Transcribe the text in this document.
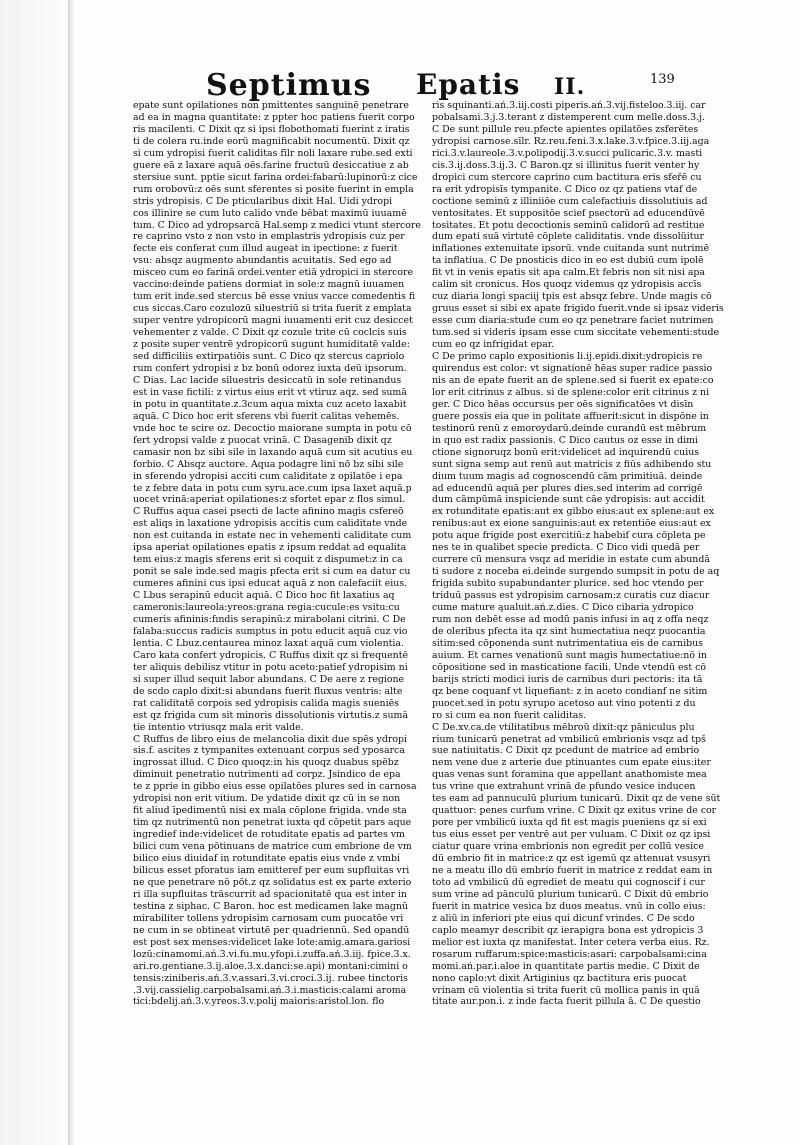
Septimus Epatis II.	139
epate sunt opilationes non pmittentes sanguinē penetrare
ad ea in magna quantitate: z ppter hoc patiens fuerit corpo
ris macilenti. C Dixit qz si ipsi flobothomati fuerint z iratis
ti de colera ru.inde eorū magnificabit nocumentū. Dixit qz
si cum ydropisi fuerit caliditas fīlr noli laxare rube.sed exti
guere eā z laxare aquā oēs.farine fructuū desiccatiue z ab
stersiue sunt. pptie sicut farina ordei:fabarū:lupinorū:z cice
rum orobovū:z oēs sunt sferentes si posite fuerint in empla
stris ydropisis. C De pticularibus dixit Hal. Uidi ydropi
cos illinire se cum luto calido vnde bēbat maximū iuuamē
tum. C Dico ad ydropsarcā Hal.semp z medici vtunt stercore
re caprino vsto z non vsto in emplastris ydropisis cuz per
fecte eis conferat cum illud augeat in ipectione: z fuerit
vsu: absqz augmento abundantis acuitatis. Sed ego ad
misceo cum eo farinā ordei.venter etiā ydropici in stercore
vaccino:deinde patiens dormiat in sole:z magnū iuuamen
tum erit inde.sed stercus bē esse vnius vacce comedentis fi
cus siccas.Caro cozulozū siluestriū si trita fuerit z emplata
super ventre ydropicorū magni iuuamenti erit cuz desiccet
vehementer z valde. C Dixit qz cozule trite cū coclcis suis
z posite super ventrē ydropicorū sugunt humiditatē valde:
sed difficiliis extirpatiōis sunt. C Dico qz stercus capriolo
rum confert ydropisi z bz bonū odorez iuxta deū ipsorum.
C Dias. Lac lacide siluestris desiccatū in sole retinandus
est in vase fictili: z virtus eius erit vt vtiruz aqz. sed sumā
in potu in quantitate.z.3cum aqua mixta cuz aceto laxabit
aquā. C Dico hoc erit sferens vbi fuerit calitas vehemēs.
vnde hoc te scire oz. Decoctio maiorane sumpta in potu cō
fert ydropsi valde z puocat vrinā. C Dasagenib dixit qz
camasir non bz sibi sile in laxando aquā cum sit acutius eu
forbio. C Absqz auctore. Aqua podagre lini nō bz sibi sile
in sferendo ydropisi acciti cum caliditate z opilatōe i epa
te z febre data in potu cum syru.ace.cum ipsa laxet aquā.p
uocet vrinā:aperiat opilationes:z sfortet epar z flos simul.
C Ruffus aqua casei psecti de lacte afinino magis csfereō
est aliqs in laxatione ydropisis accitis cum caliditate vnde
non est cuitanda in estate nec in vehementi caliditate cum
ipsa aperiat opilationes epatis z ipsum reddat ad equalita
tem eius:z magis sferens erit si coquit z dispumet:z in ca
ponit se sale inde.sed magis pfecta erit si cum ea datur cu
cumeres afinini cus ipsi educat aquā z non calefaciit eius.
C Lbus serapinū educit aquā. C Dico hoc fit laxatius aq
cameronis:laureola:yreos:grana regia:cucule:es vsitu:cu
cumeris afininis:fındis serapinū:z mirabolani citrini. C De
falaba:succus radicis sumptus in potu educit aquā cuz vio
lentia. C Lbuz.centaurea minoz laxat aquā cum violentia.
Caro kata confert ydropicis. C Ruffus dixit qz si frequentē
ter aliquis debilisz vtitur in potu aceto:patief ydropisim ni
si super illud sequit labor abundans. C De aere z regione
de scdo caplo dixit:si abundans fuerit fluxus ventris: alte
rat caliditatē corpois sed ydropisis calida magis sueniēs
est qz frigida cum sit minoris dissolutionis virtutis.z sumā
tie intentio vtriusqz mala erit valde.
C Ruffus de libro eius de melancolia dixit due spēs ydropi
sis.f. ascites z tympanites extenuant corpus sed yposarca
ingrossat illud. C Dico quoqz:in his quoqz duabus spēbz
diminuit penetratio nutrimenti ad corpz. Jsindico de epa
te z pprie in gibbo eius esse opilatōes plures sed in carnosa
ydropisi non erit vitium. De ydatide dixit qz cū in se non
fit aliud īpedimentū nisi ex mala cōplone frigida. vnde sta
tim qz nutrimentū non penetrat iuxta qd cōpetit pars aque
ingredief inde:videlicet de rotuditate epatis ad partes vm
bilici cum vena pōtinuans de matrice cum embrione de vm
bilico eius diuidaf in rotunditate epatis eius vnde z vmbi
bilicus esset pforatus iam emitteref per eum supfluitas vri
ne que penetrare nō pōt.z qz solidatus est ex parte exterio
ri illa supfluitas trāscurrit ad spacionitatē qua est inter in
testina z siphac. C Baron. hoc est medicamen lake magnū
mirabiliter tollens ydropisim carnosam cum puocatōe vri
ne cum in se obtineat virtutē per quadriennū. Sed opandū
est post sex menses:videlicet lake lote:amig.amara.gariosi
lozū:cinamomi.ań.3.vi.fu.mu.yfopi.i.zuffa.ań.3.iij. fpice.3.x.
ari.ro.gentiane.3.ij.aloe.3.x.danci:se.api) montani:cimini o
tensis:ziniberis.ań.3.v.assari.3.vi.croci.3.ij. rubee tinctoris
.3.vij.cassielig.carpobalsami.ań.3.i.masticis:calami aroma
tici:bdelij.ań.3.v.yreos.3.v.polij maioris:aristol.lon. flo
ris squinanti.ań.3.iij.costi piperis.ań.3.vij.fisteloo.3.iij. car
pobalsami.3.j.3.terant z distemperent cum melle.doss.3.j.
C De sunt pillule reu.pfecte apientes opilatōes zsferētes
ydropisi carnose.sīlr. Rz.reu.feni.3.x.lake.3.v.fpice.3.iij.aga
rici.3.v.laureole.3.v.polipodij.3.v.succi pulicaric.3.v. masti
cis.3.ij.doss.3.ij.3. C Baron.qz si illinitus fuerit venter hy
dropici cum stercore caprino cum bactitura eris sfeřē cu
ra erit ydropisīs tympanite. C Dico oz qz patiens vtaf de
coctione seminū z illiniiōe cum calefactiuis dissolutiuis ad
ventositates. Et suppositōe scief psectorū ad educendūvē
tositates. Et potu decoctionis seminū calidorū ad restitue
dum epati suā virtutē cōplete caliditatis. vnde dissolüitur
inflationes extenuitate ipsorū. vnde cuitanda sunt nutrimē
ta inflatiua. C De pnosticis dico in eo est dubiū cum ipolē
fit vt in venis epatis sit apa calm.Et febris non sit nisi apa
calim sit cronicus. Hos quoqz videmus qz ydropisis accīs
cuz diaria longi spaciij tpis est absqz febre. Unde magis cō
gruus esset si sibi ex apate frigido fuerit.vnde si ipsaz videris
esse cum diaria:stude cum eo qz penetrare faciet nutrimen
tum.sed si videris ipsam esse cum siccitate vehementi:stude
cum eo qz infrigidat epar.
C De primo caplo expositionis li.ij.epidi.dixit:ydropicis re
quirendus est color: vt signationē hēas super radice passio
nis an de epate fuerit an de splene.sed si fuerit ex epate:co
lor erit citrinus z albus. si de splene:color erit citrinus z ni
ger. C Dico hēas occursus per oēs significatōes vt disīn
guere possis eia que in politate affuerit:sicut in dispōne in
testinorū renū z emoroydarū.deinde curandū est mēbrum
in quo est radix passionis. C Dico cautus oz esse in dimi
ctione signoruqz bonū erit:videlicet ad inquirendū cuius
sunt signa semp aut renū aut matricis z fiūs adhibendo stu
dium tuum magis ad cognoscendū cām primitiuā. deinde
ad educendū aquā per plures dies.sed interim ad corrigē
dum cāmpūmā inspiciende sunt cāe ydropisis: aut accidit
ex rotunditate epatis:aut ex gibbo eius:aut ex splene:aut ex
renibus:aut ex eione sanguinis:aut ex retentiōe eius:aut ex
potu aque frigide post exercitiū:z habebif cura cōpleta pe
nes te in qualibet specie predicta. C Dico vidi quedā per
currere cū mensura vsqz ad meridie in estate cum abundā
ti sudore z noceba ei.deinde surgendo sumpsit in potu de aq
frigida subito supabundanter plurice. sed hoc vtendo per
triduū passus est ydropisim carnosam:z curatis cuz diacur
cume mature ąualuit.ań.z.dies. C Dico cibaria ydropico
rum non debēt esse ad modū panis infusi in aq z offa neqz
de oleribus pfecta ita qz sint humectatiua neqz puocantia
sitim:sed cōponenda sunt nutrimentatiua eis de carnibus
auium. Et carnes venationū sunt magis humectatiue:nō in
cōpositione sed in masticatione facili. Unde vtendū est cō
barijs stricti modici iuris de carnibus duri pectoris: ita tā
qz bene coquanf vt liquefiant: z in aceto condianf ne sitim
puocet.sed in potu syrupo acetoso aut vino potenti z du
ro si cum ea non fuerit caliditas.
C De.xv.ca.de vtilitatibus mēbroū dixit:qz pāniculus plu
rium tunicarū penetrat ad vmbilicū embrionis vsqz ad tpš
sue natiuitatis. C Dixit qz pcedunt de matrice ad embrio
nem vene due z arterie due ptinuantes cum epate eius:iter
quas venas sunt foramina que appellant anathomiste mea
tus vrine que extrahunt vrinā de pfundo vesice inducen
tes eam ad pannuculū plurium tunicarū. Dixit qz de vene sūt
quattuor: penes curfum vrine. C Dixit qz exitus vrine de cor
pore per vmbilicū iuxta qd fit est magis pueniens qz si exi
tus eius esset per ventrē aut per vuluam. C Dixit oz qz ipsi
ciatur quare vrina embrionis non egredit per collū vesice
dū embrio fit in matrice:z qz est igemū qz attenuat vsusyri
ne a meatu illo dū embrio fuerit in matrice z reddat eam in
toto ad vmbilicū dū egrediet de meatu qui cognoscif i cur
sum vrine ad pānculū plurium tunicarū. C Dixit dū embrio
fuerit in matrice vesica bz duos meatus. vnū in collo eius:
z aliū in inferiori pte eius qui dicunf vrindes. C De scdo
caplo meamyr describit qz ierapigra bona est ydropicis 3
melior est iuxta qz manifestat. Inter cetera verba eius. Rz.
rosarum ruffarum:spice:masticis:asari: carpobalsami:cina
momi.ań.par.i.aloe in quantitate partis medie. C Dixit de
nono caplo:vt dixit Artiginius qz bactitura eris puocat
vrinam cū violentia si trita fuerit cū mollica panis in quā
titate aur.pon.i. z inde facta fuerit pillula ā. C De questio
